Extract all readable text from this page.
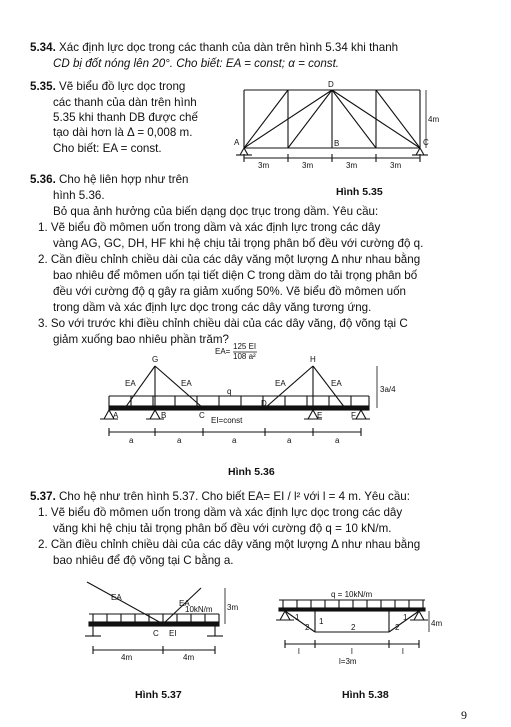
5.34. Xác định lực dọc trong các thanh của dàn trên hình 5.34 khi thanh
CD bị đốt nóng lên 20°. Cho biết: EA = const; α = const.
5.35. Vẽ biểu đồ lực dọc trong
các thanh của dàn trên hình
5.35 khi thanh DB được chế
tạo dài hơn là Δ = 0,008 m.
Cho biết: EA = const.
D
A	B	C
4m
3m	3m	3m	3m
Hình 5.35
5.36. Cho hệ liên hợp như trên
hình 5.36.
Bỏ qua ảnh hưởng của biến dạng dọc trục trong dầm. Yêu cầu:
1. Vẽ biểu đồ mômen uốn trong dầm và xác định lực trong các dây
vàng AG, GC, DH, HF khi hệ chịu tải trọng phân bố đều với cường độ q.
2. Cần điều chỉnh chiều dài của các dây văng một lượng Δ như nhau bằng
bao nhiêu để mômen uốn tại tiết diện C trong dầm do tải trọng phân bố
đều với cường độ q gây ra giảm xuống 50%. Vẽ biểu đồ mômen uốn
trong dầm và xác định lực dọc trong các dây văng tương ứng.
3. So với trước khi điều chỉnh chiều dài của các dây văng, độ võng tại C
giảm xuống bao nhiêu phần trăm?
G	H
A	B	C
D
E	F
q
EA	EA	EA	EA
EI=const
a	a	a	a	a
3a/4
EA=
125 EI
108 a²
Hình 5.36
5.37. Cho hệ như trên hình 5.37. Cho biết EA= EI / l² với l = 4 m. Yêu cầu:
1. Vẽ biểu đồ mômen uốn trong dầm và xác định lực dọc trong các dây
văng khi hệ chịu tải trọng phân bố đều với cường độ q = 10 kN/m.
2. Cần điều chỉnh chiều dài của các dây văng một lượng Δ như nhau bằng
bao nhiêu để độ võng tại C bằng a.
EA
EA
10kN/m 3m
C EI
4m	4m
Hình 5.37
q = 10kN/m
4m
1 1	1
2	2
2
l	l	l
l=3m
Hình 5.38
9
